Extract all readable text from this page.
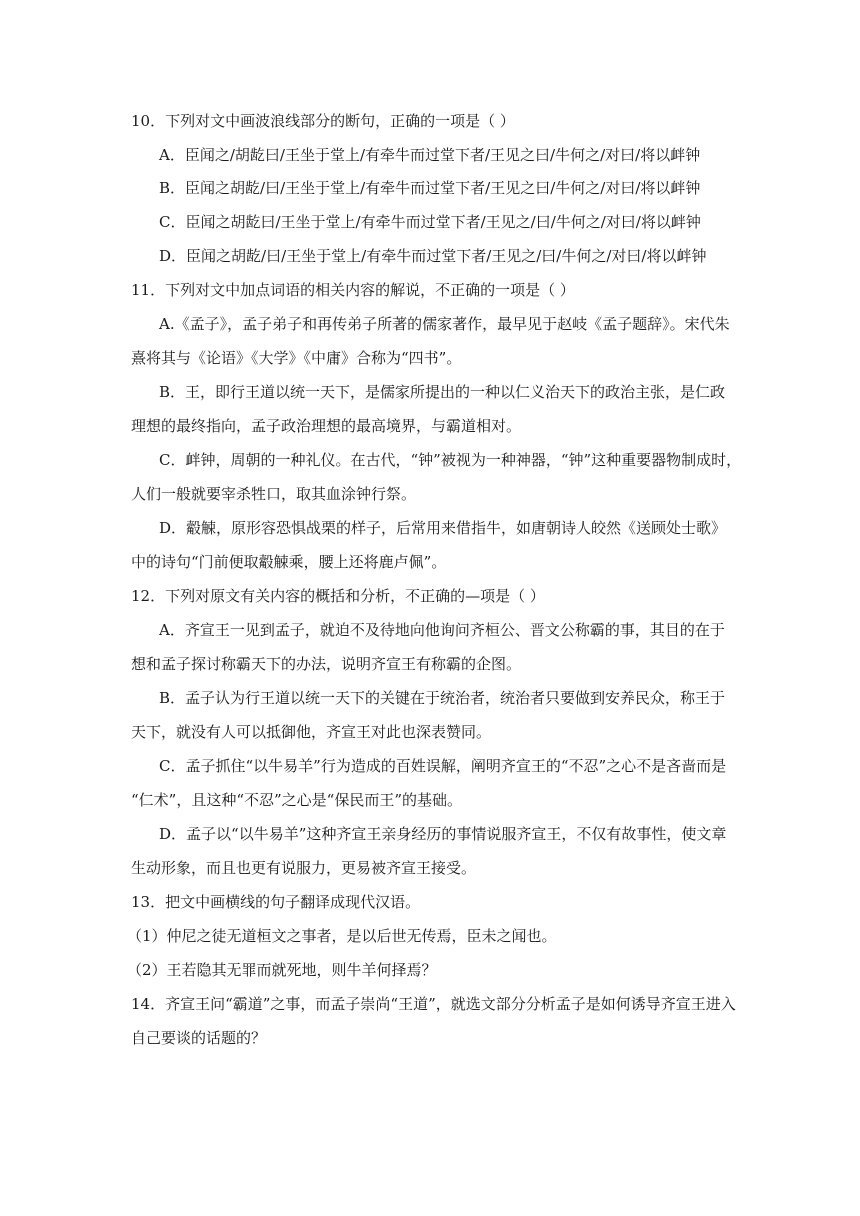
10．下列对文中画波浪线部分的断句，正确的一项是（ ）
A．臣闻之/胡龁曰/王坐于堂上/有牵牛而过堂下者/王见之曰/牛何之/对曰/将以衅钟
B．臣闻之胡龁/曰/王坐于堂上/有牵牛而过堂下者/王见之曰/牛何之/对曰/将以衅钟
C．臣闻之胡龁曰/王坐于堂上/有牵牛而过堂下者/王见之/曰/牛何之/对曰/将以衅钟
D．臣闻之胡龁/曰/王坐于堂上/有牵牛而过堂下者/王见之/曰/牛何之/对曰/将以衅钟
11．下列对文中加点词语的相关内容的解说，不正确的一项是（ ）
A.《孟子》，孟子弟子和再传弟子所著的儒家著作，最早见于赵岐《孟子题辞》。宋代朱
熹将其与《论语》《大学》《中庸》合称为“四书”。
B．王，即行王道以统一天下，是儒家所提出的一种以仁义治天下的政治主张，是仁政
理想的最终指向，孟子政治理想的最高境界，与霸道相对。
C．衅钟，周朝的一种礼仪。在古代，“钟”被视为一种神器，“钟”这种重要器物制成时，
人们一般就要宰杀牲口，取其血涂钟行祭。
D．觳觫，原形容恐惧战栗的样子，后常用来借指牛，如唐朝诗人皎然《送顾处士歌》
中的诗句“门前便取觳觫乘，腰上还将鹿卢佩”。
12．下列对原文有关内容的概括和分析，不正确的—项是（ ）
A．齐宣王一见到孟子，就迫不及待地向他询问齐桓公、晋文公称霸的事，其目的在于
想和孟子探讨称霸天下的办法，说明齐宣王有称霸的企图。
B．孟子认为行王道以统一天下的关键在于统治者，统治者只要做到安养民众，称王于
天下，就没有人可以抵御他，齐宣王对此也深表赞同。
C．孟子抓住“以牛易羊”行为造成的百姓误解，阐明齐宣王的“不忍”之心不是吝啬而是
“仁术”，且这种“不忍”之心是“保民而王”的基础。
D．孟子以“以牛易羊”这种齐宣王亲身经历的事情说服齐宣王，不仅有故事性，使文章
生动形象，而且也更有说服力，更易被齐宣王接受。
13．把文中画横线的句子翻译成现代汉语。
（1）仲尼之徒无道桓文之事者，是以后世无传焉，臣未之闻也。
（2）王若隐其无罪而就死地，则牛羊何择焉？
14．齐宣王问“霸道”之事，而孟子崇尚“王道”，就选文部分分析孟子是如何诱导齐宣王进入
自己要谈的话题的？
